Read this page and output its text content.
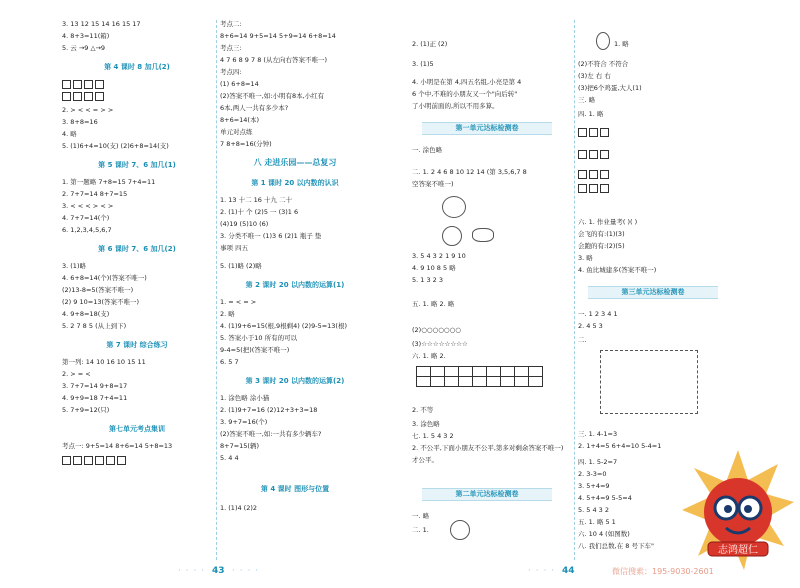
3. 13 12 15 14 16 15 17
4. 8+3=11(箱)
5. 云 →9 △→9
第 4 课时 8 加几(2)
2. > < < = > >
3. 8+8=16
4. 略
5. (1)6+4=10(支) (2)6+8=14(支)
第 5 课时 7、6 加几(1)
1. 第一题略 7+8=15 7+4=11
2. 7+7=14 8+7=15
3. < < < > < >
4. 7+7=14(个)
6. 1,2,3,4,5,6,7
第 6 课时 7、6 加几(2)
3. (1)略
4. 6+8=14(个)(答案不唯一)
(2)13-8=5(答案不唯一)
(2) 9 10=13(答案不唯一)
4. 9+8=18(支)
5. 2 7 8 5 (从上到下)
第 7 课时 综合练习
第一列: 14 10 16 10 15 11
2. > = <
3. 7+7=14 9+8=17
4. 9+9=18 7+4=11
5. 7+9=12(只)
第七单元考点集训
考点一: 9+5=14 8+6=14 5+8=13
考点二:
8+6=14 9+5=14 5+9=14 6+8=14
考点三:
4 7 6 8 9 7 8 (从左向右答案不唯一)
考点四:
(1) 6+8=14
(2)答案不唯一,如:小明有8本,小红有
6本,两人一共有多少本?
8+6=14(本)
单元对点练
7 8+8=16(分钟)
八 走进乐园——总复习
第 1 课时 20 以内数的认识
1. 13 十二 16 十九 二十
2. (1)十 个 (2)5 一 (3)1 6
(4)19 (5)10 (6)
3. 分类不唯一 (1)3 6 (2)1 瓶子 垫
事项 四五
5. (1)略 (2)略
第 2 课时 20 以内数的运算(1)
1. = < = >
2. 略
4. (1)9+6=15(根,9根剩4) (2)9-5=13(根)
5. 答案小于10 所有的可以
9-4=5(把)(答案不唯一)
6. 5 7
第 3 课时 20 以内数的运算(2)
1. 涂色略 涂小猫
2. (1)9+7=16 (2)12+3+3=18
3. 9+7=16(个)
(2)答案不唯一,如:一共有多少辆车?
8+7=15(辆)
5. 4 4
第 4 课时 图形与位置
1. (1)4 (2)2
2. (1)正 (2)
3. (1)5
4. 小明是在第 4,四五名组,小亮是第 4
6 个中,不难的小朋友又一个"向后转"
了小明前面的,所以不用多算。
第一单元达标检测卷
一. 涂色略
二. 1. 2 4 6 8 10 12 14 (第 3,5,6,7 8
空答案不唯一)
3. 5 4 3 2 1 9 10
4. 9 10 8 5 略
5. 1 3 2 3
五. 1. 略 2. 略
(2)○○○○○○○
(3)☆☆☆☆☆☆☆☆
六. 1. 略 2.

2. 不等
3. 涂色略
七. 1. 5 4 3 2
2. 不公平,下面小朋友不公平,第多对剩余答案不唯一)
才公平。
第二单元达标检测卷
一. 略
二. 1.
1. 略
(2)不符合 不符合
(3)左 右 右
(3)把6个鸡蛋,大人(1)
三. 略
四. 1. 略
六. 1. 作业量考( )( )
会飞的有:(1)(3)
会跑的有:(2)(5)
3. 略
4. 鱼比城建多(答案不唯一)
第三单元达标检测卷
一. 1 2 3 4 1
2. 4 5 3
二.
三. 1. 4-1=3
2. 1+4=5 6+4=10 5-4=1
四. 1. 5-2=7
2. 3-3=0
3. 5+4=9
4. 5+4=9 5-5=4
5. 5 4 3 2
五. 1. 略 5 1
六. 10 4 (如图数)
八. 我们总数,在 8 号下车"	志鸿超仁
· · · · 43 · · · ·	· · · · 44	微信搜索：195-9030-2601
